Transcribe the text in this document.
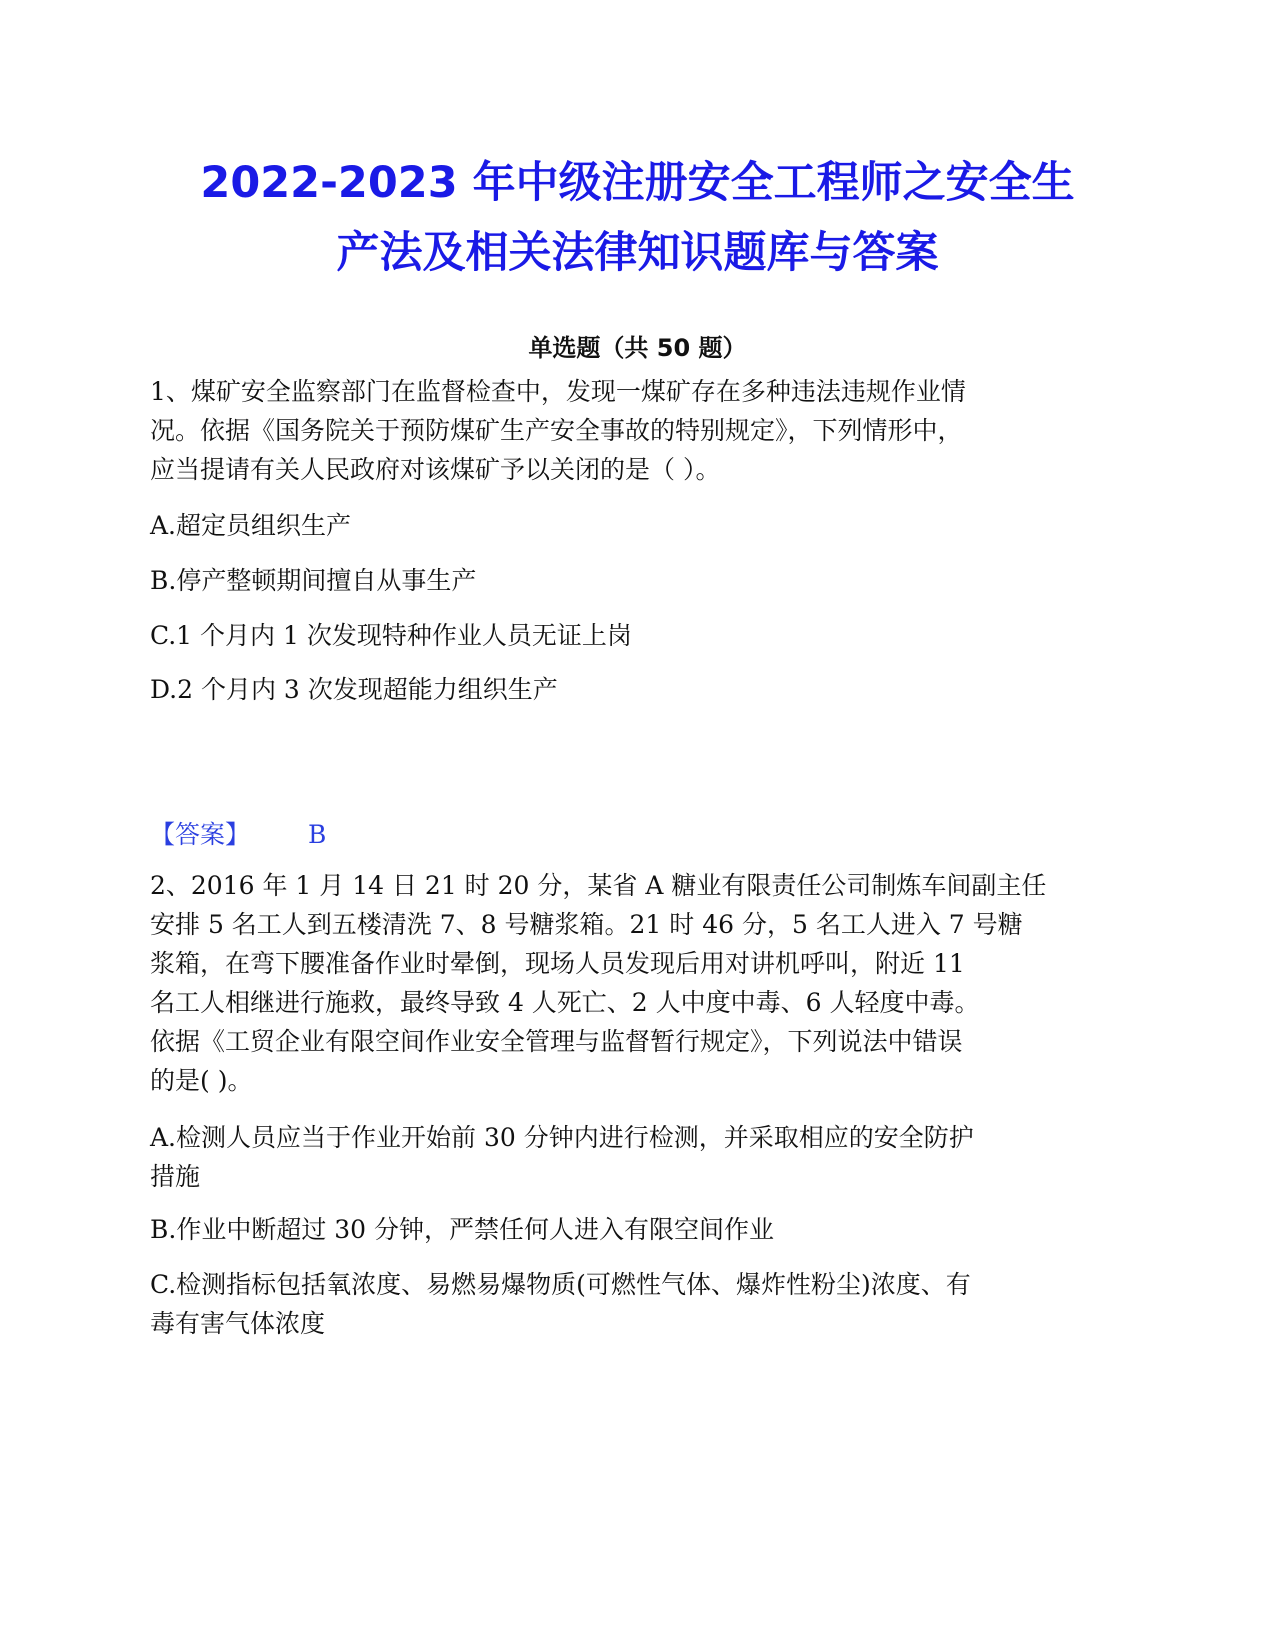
2022-2023 年中级注册安全工程师之安全生
产法及相关法律知识题库与答案
单选题（共 50 题）
1、煤矿安全监察部门在监督检查中，发现一煤矿存在多种违法违规作业情
况。依据《国务院关于预防煤矿生产安全事故的特别规定》，下列情形中，
应当提请有关人民政府对该煤矿予以关闭的是（ ）。
A.超定员组织生产
B.停产整顿期间擅自从事生产
C.1 个月内 1 次发现特种作业人员无证上岗
D.2 个月内 3 次发现超能力组织生产
【答案】 B
2、2016 年 1 月 14 日 21 时 20 分，某省 A 糖业有限责任公司制炼车间副主任
安排 5 名工人到五楼清洗 7、8 号糖浆箱。21 时 46 分，5 名工人进入 7 号糖
浆箱，在弯下腰准备作业时晕倒，现场人员发现后用对讲机呼叫，附近 11
名工人相继进行施救，最终导致 4 人死亡、2 人中度中毒、6 人轻度中毒。
依据《工贸企业有限空间作业安全管理与监督暂行规定》，下列说法中错误
的是( )。
A.检测人员应当于作业开始前 30 分钟内进行检测，并采取相应的安全防护
措施
B.作业中断超过 30 分钟，严禁任何人进入有限空间作业
C.检测指标包括氧浓度、易燃易爆物质(可燃性气体、爆炸性粉尘)浓度、有
毒有害气体浓度
